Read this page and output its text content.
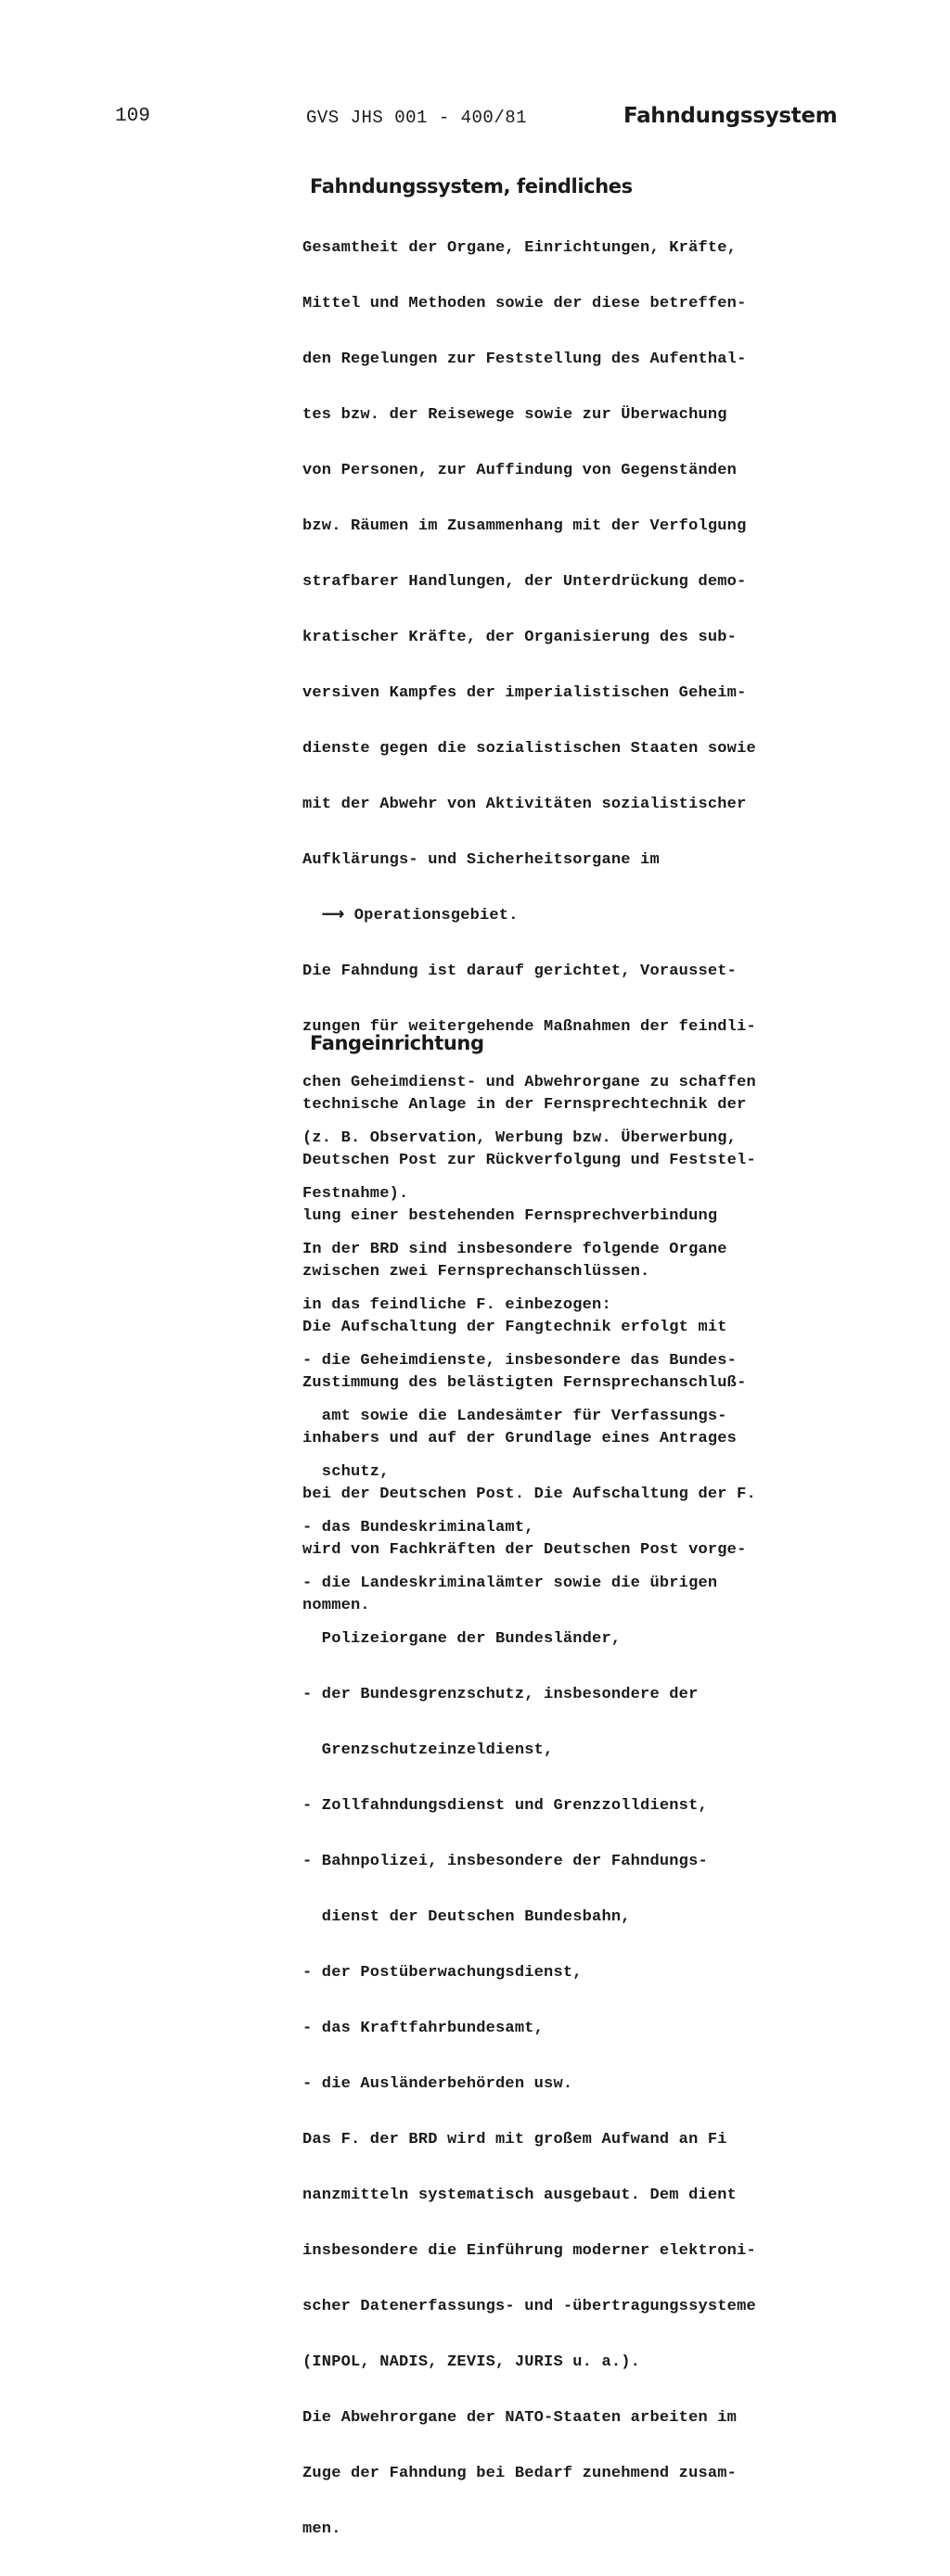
109	GVS JHS 001 - 400/81	Fahndungssystem
Fahndungssystem, feindliches

Gesamtheit der Organe, Einrichtungen, Kräfte,

Mittel und Methoden sowie der diese betreffen-

den Regelungen zur Feststellung des Aufenthal-

tes bzw. der Reisewege sowie zur Überwachung

von Personen, zur Auffindung von Gegenständen

bzw. Räumen im Zusammenhang mit der Verfolgung

strafbarer Handlungen, der Unterdrückung demo-

kratischer Kräfte, der Organisierung des sub-

versiven Kampfes der imperialistischen Geheim-

dienste gegen die sozialistischen Staaten sowie

mit der Abwehr von Aktivitäten sozialistischer

Aufklärungs- und Sicherheitsorgane im

⟶ Operationsgebiet.

Die Fahndung ist darauf gerichtet, Vorausset-

zungen für weitergehende Maßnahmen der feindli-

chen Geheimdienst- und Abwehrorgane zu schaffen

(z. B. Observation, Werbung bzw. Überwerbung,

Festnahme).

In der BRD sind insbesondere folgende Organe

in das feindliche F. einbezogen:

- die Geheimdienste, insbesondere das Bundes-

amt sowie die Landesämter für Verfassungs-

schutz,

- das Bundeskriminalamt,

- die Landeskriminalämter sowie die übrigen

Polizeiorgane der Bundesländer,

- der Bundesgrenzschutz, insbesondere der

Grenzschutzeinzeldienst,

- Zollfahndungsdienst und Grenzzolldienst,

- Bahnpolizei, insbesondere der Fahndungs-

dienst der Deutschen Bundesbahn,

- der Postüberwachungsdienst,

- das Kraftfahrbundesamt,

- die Ausländerbehörden usw.

Das F. der BRD wird mit großem Aufwand an Fi

nanzmitteln systematisch ausgebaut. Dem dient

insbesondere die Einführung moderner elektroni-

scher Datenerfassungs- und -übertragungssysteme

(INPOL, NADIS, ZEVIS, JURIS u. a.).

Die Abwehrorgane der NATO-Staaten arbeiten im

Zuge der Fahndung bei Bedarf zunehmend zusam-

men.

Fangeinrichtung

technische Anlage in der Fernsprechtechnik der

Deutschen Post zur Rückverfolgung und Feststel-

lung einer bestehenden Fernsprechverbindung

zwischen zwei Fernsprechanschlüssen.

Die Aufschaltung der Fangtechnik erfolgt mit

Zustimmung des belästigten Fernsprechanschluß-

inhabers und auf der Grundlage eines Antrages

bei der Deutschen Post. Die Aufschaltung der F.

wird von Fachkräften der Deutschen Post vorge-

nommen.
